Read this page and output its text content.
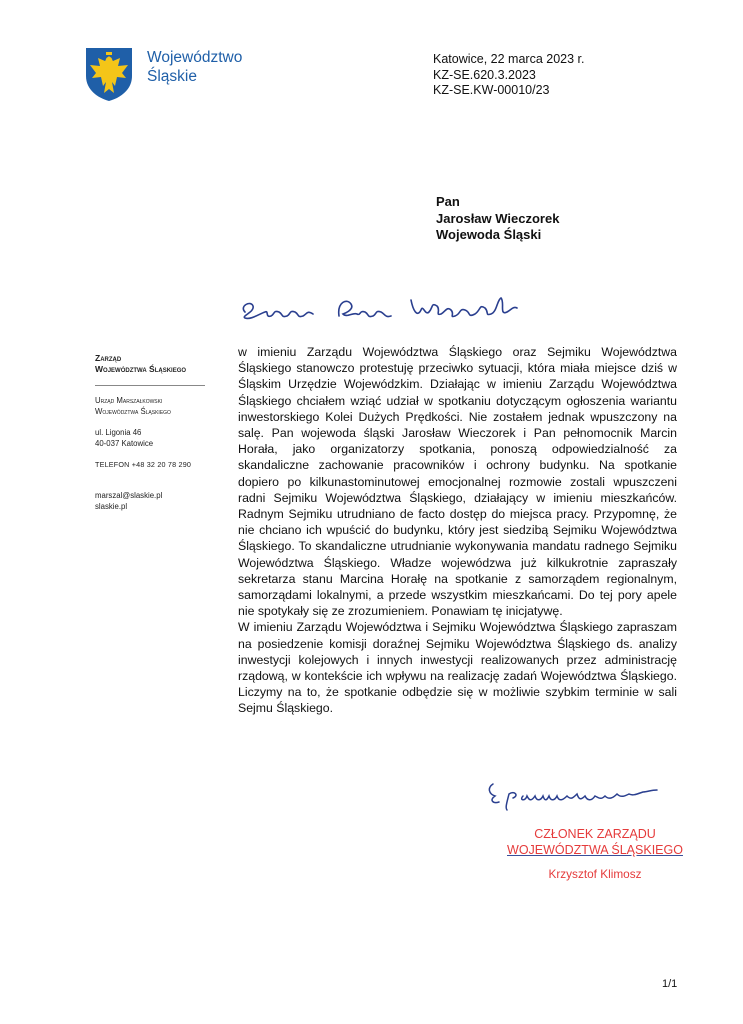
Województwo
Śląskie
Katowice, 22 marca 2023 r.
KZ-SE.620.3.2023
KZ-SE.KW-00010/23
Pan
Jarosław Wieczorek
Wojewoda Śląski
Zarząd
Województwa Śląskiego
Urząd Marszałkowski
Województwa Śląskiego
ul. Ligonia 46
40-037 Katowice
TELEFON +48 32 20 78 290
marszal@slaskie.pl
slaskie.pl

w imieniu Zarządu Województwa Śląskiego oraz Sejmiku Województwa Śląskiego stanowczo protestuję przeciwko sytuacji, która miała miejsce dziś w Śląskim Urzędzie Wojewódzkim. Działając w imieniu Zarządu Województwa Śląskiego chciałem wziąć udział w spotkaniu dotyczącym ogłoszenia wariantu inwestorskiego Kolei Dużych Prędkości. Nie zostałem jednak wpuszczony na salę. Pan wojewoda śląski Jarosław Wieczorek i Pan pełnomocnik Marcin Horała, jako organizatorzy spotkania, ponoszą odpowiedzialność za skandaliczne zachowanie pracowników i ochrony budynku. Na spotkanie dopiero po kilkunastominutowej emocjonalnej rozmowie zostali wpuszczeni radni Sejmiku Województwa Śląskiego, działający w imieniu mieszkańców. Radnym Sejmiku utrudniano de facto dostęp do miejsca pracy. Przypomnę, że nie chciano ich wpuścić do budynku, który jest siedzibą Sejmiku Województwa Śląskiego. To skandaliczne utrudnianie wykonywania mandatu radnego Sejmiku Województwa Śląskiego. Władze wojewódzwa już kilkukrotnie zapraszały sekretarza stanu Marcina Horałę na spotkanie z samorządem regionalnym, samorządami lokalnymi, a przede wszystkim mieszkańcami. Do tej pory apele nie spotykały się ze zrozumieniem. Ponawiam tę inicjatywę.

W imieniu Zarządu Województwa i Sejmiku Województwa Śląskiego zapraszam na posiedzenie komisji doraźnej Sejmiku Województwa Śląskiego ds. analizy inwestycji kolejowych i innych inwestycji realizowanych przez administrację rządową, w kontekście ich wpływu na realizację zadań Województwa Śląskiego. Liczymy na to, że spotkanie odbędzie się w możliwie szybkim terminie w sali Sejmu Śląskiego.

CZŁONEK ZARZĄDU
WOJEWÓDZTWA ŚLĄSKIEGO
Krzysztof Klimosz
1/1
